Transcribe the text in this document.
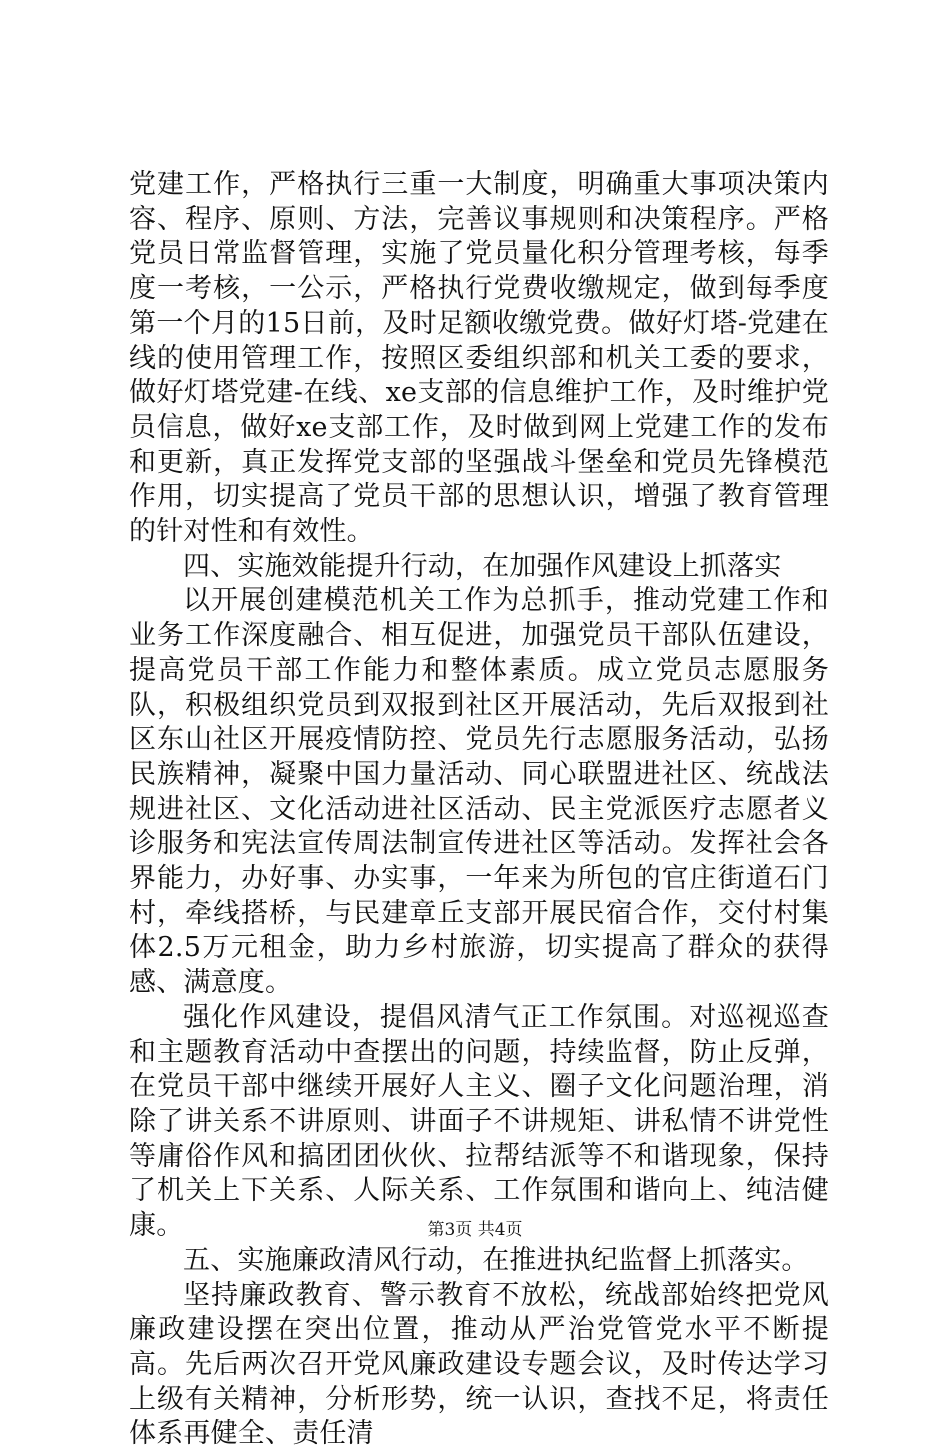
党建工作，严格执行三重一大制度，明确重大事项决策内容、程序、原则、方法，完善议事规则和决策程序。严格党员日常监督管理，实施了党员量化积分管理考核，每季度一考核，一公示，严格执行党费收缴规定，做到每季度第一个月的15日前，及时足额收缴党费。做好灯塔-党建在线的使用管理工作，按照区委组织部和机关工委的要求，做好灯塔党建-在线、xe支部的信息维护工作，及时维护党员信息，做好xe支部工作，及时做到网上党建工作的发布和更新，真正发挥党支部的坚强战斗堡垒和党员先锋模范作用，切实提高了党员干部的思想认识，增强了教育管理的针对性和有效性。

四、实施效能提升行动，在加强作风建设上抓落实

以开展创建模范机关工作为总抓手，推动党建工作和业务工作深度融合、相互促进，加强党员干部队伍建设，提高党员干部工作能力和整体素质。成立党员志愿服务队，积极组织党员到双报到社区开展活动，先后双报到社区东山社区开展疫情防控、党员先行志愿服务活动，弘扬民族精神，凝聚中国力量活动、同心联盟进社区、统战法规进社区、文化活动进社区活动、民主党派医疗志愿者义诊服务和宪法宣传周法制宣传进社区等活动。发挥社会各界能力，办好事、办实事，一年来为所包的官庄街道石门村，牵线搭桥，与民建章丘支部开展民宿合作，交付村集体2.5万元租金，助力乡村旅游，切实提高了群众的获得感、满意度。

强化作风建设，提倡风清气正工作氛围。对巡视巡查和主题教育活动中查摆出的问题，持续监督，防止反弹，在党员干部中继续开展好人主义、圈子文化问题治理，消除了讲关系不讲原则、讲面子不讲规矩、讲私情不讲党性等庸俗作风和搞团团伙伙、拉帮结派等不和谐现象，保持了机关上下关系、人际关系、工作氛围和谐向上、纯洁健康。

五、实施廉政清风行动，在推进执纪监督上抓落实。

坚持廉政教育、警示教育不放松，统战部始终把党风廉政建设摆在突出位置，推动从严治党管党水平不断提高。先后两次召开党风廉政建设专题会议，及时传达学习上级有关精神，分析形势，统一认识，查找不足，将责任体系再健全、责任清

第3页 共4页
